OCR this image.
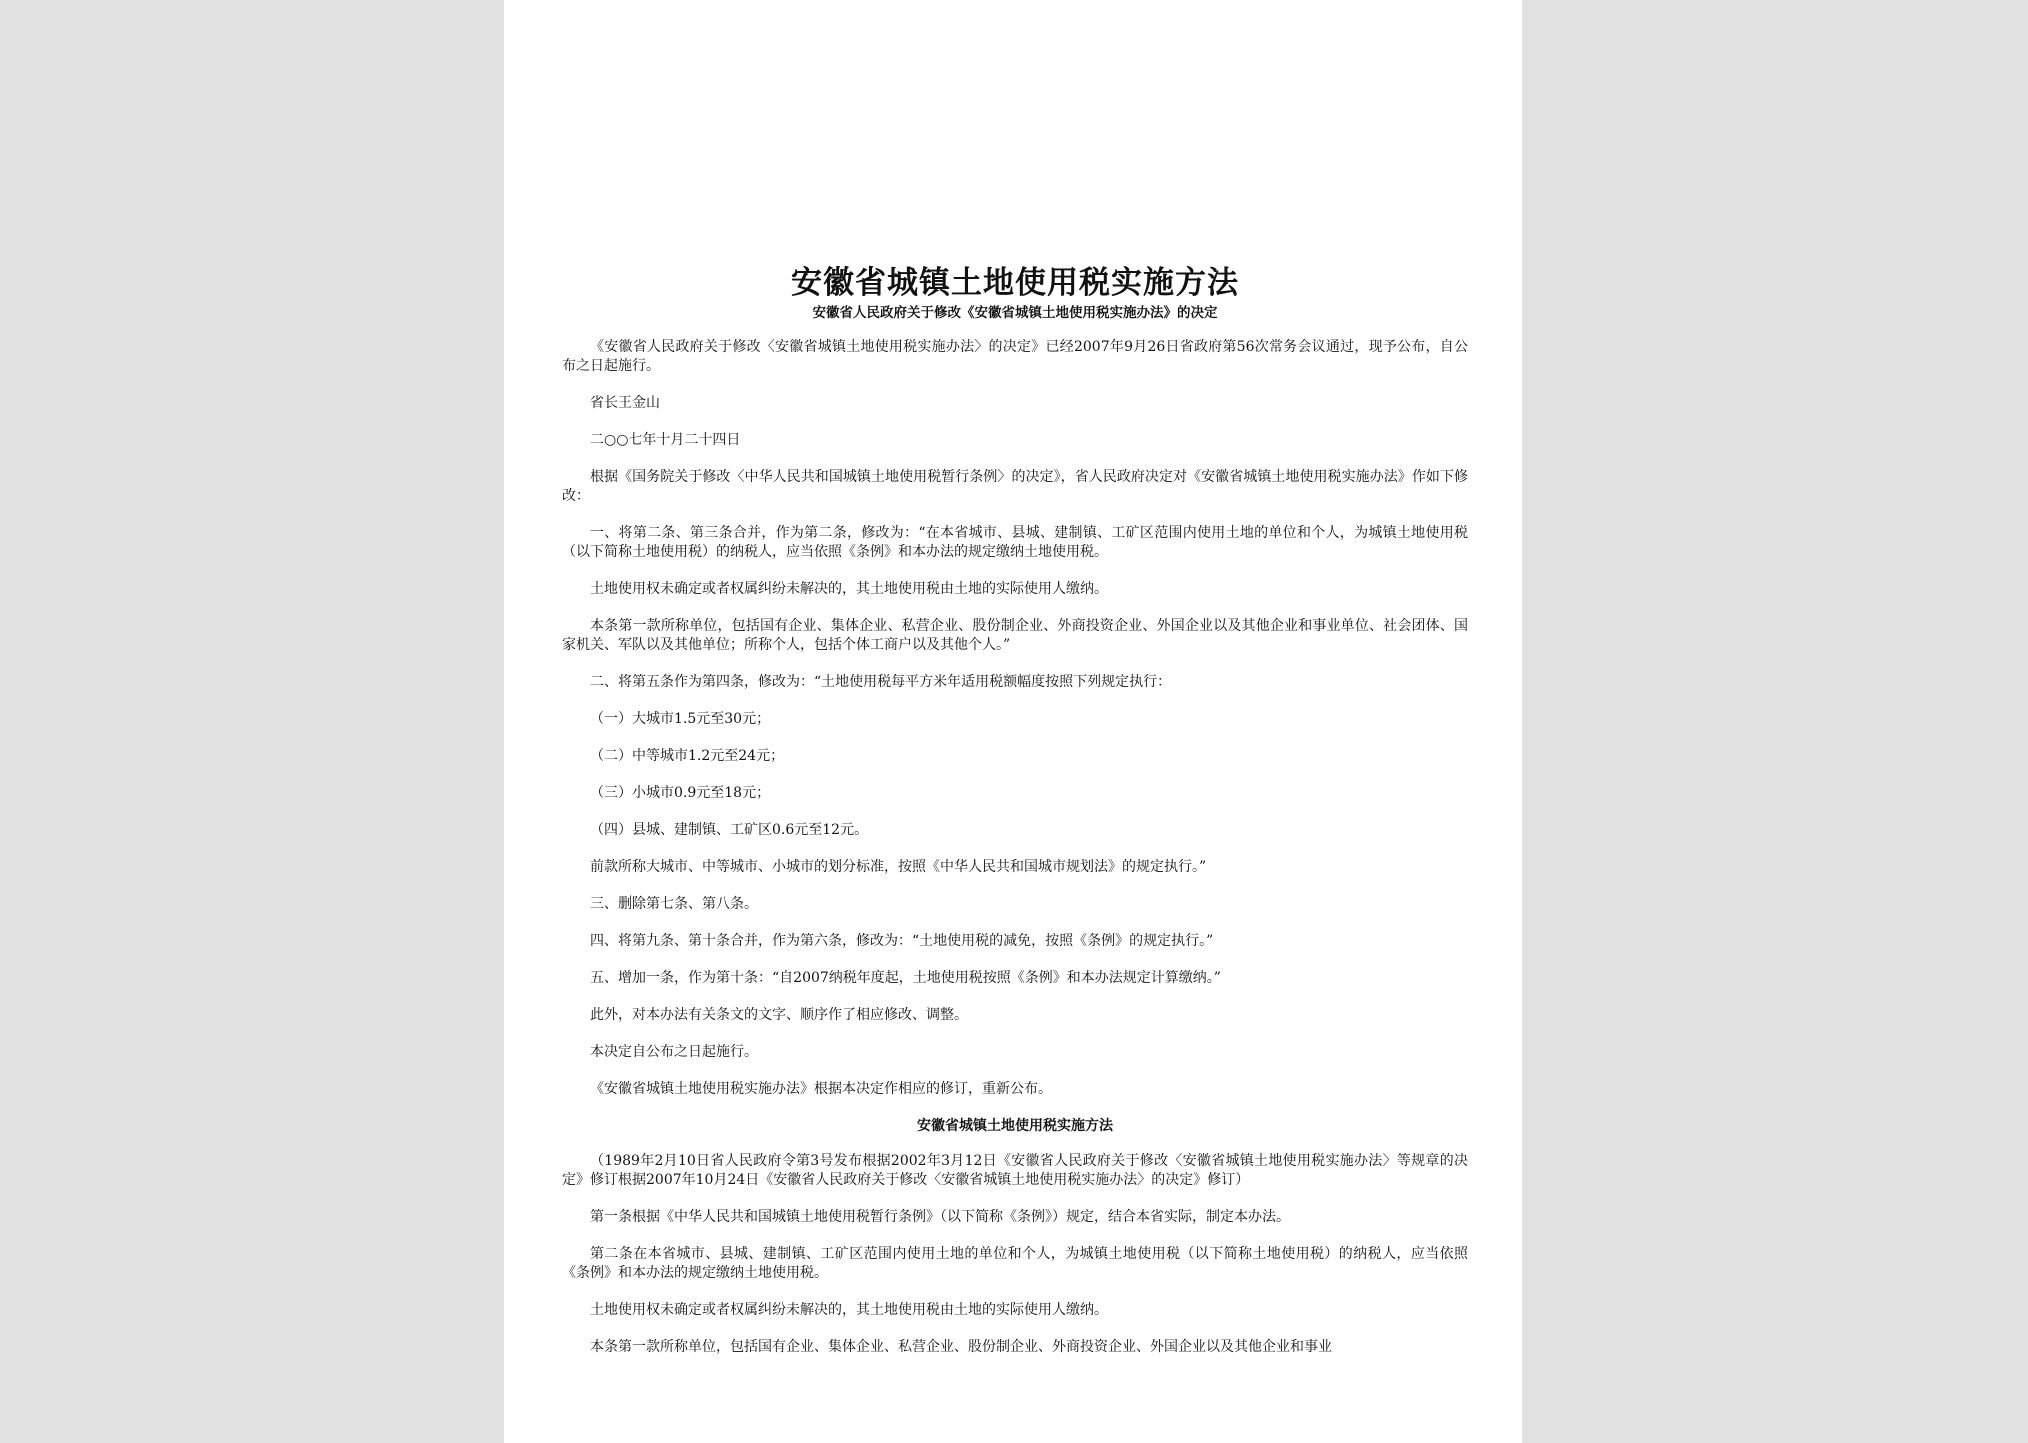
安徽省城镇土地使用税实施方法
安徽省人民政府关于修改《安徽省城镇土地使用税实施办法》的决定

《安徽省人民政府关于修改〈安徽省城镇土地使用税实施办法〉的决定》已经2007年9月26日省政府第56次常务会议通过，现予公布，自公布之日起施行。

省长王金山

二○○七年十月二十四日

根据《国务院关于修改〈中华人民共和国城镇土地使用税暂行条例〉的决定》，省人民政府决定对《安徽省城镇土地使用税实施办法》作如下修改：

一、将第二条、第三条合并，作为第二条，修改为：“在本省城市、县城、建制镇、工矿区范围内使用土地的单位和个人，为城镇土地使用税（以下简称土地使用税）的纳税人，应当依照《条例》和本办法的规定缴纳土地使用税。

土地使用权未确定或者权属纠纷未解决的，其土地使用税由土地的实际使用人缴纳。

本条第一款所称单位，包括国有企业、集体企业、私营企业、股份制企业、外商投资企业、外国企业以及其他企业和事业单位、社会团体、国家机关、军队以及其他单位；所称个人，包括个体工商户以及其他个人。”

二、将第五条作为第四条，修改为：“土地使用税每平方米年适用税额幅度按照下列规定执行：

（一）大城市1.5元至30元；

（二）中等城市1.2元至24元；

（三）小城市0.9元至18元；

（四）县城、建制镇、工矿区0.6元至12元。

前款所称大城市、中等城市、小城市的划分标准，按照《中华人民共和国城市规划法》的规定执行。”

三、删除第七条、第八条。

四、将第九条、第十条合并，作为第六条，修改为：“土地使用税的减免，按照《条例》的规定执行。”

五、增加一条，作为第十条：“自2007纳税年度起，土地使用税按照《条例》和本办法规定计算缴纳。”

此外，对本办法有关条文的文字、顺序作了相应修改、调整。

本决定自公布之日起施行。

《安徽省城镇土地使用税实施办法》根据本决定作相应的修订，重新公布。

安徽省城镇土地使用税实施方法

（1989年2月10日省人民政府令第3号发布根据2002年3月12日《安徽省人民政府关于修改〈安徽省城镇土地使用税实施办法〉等规章的决定》修订根据2007年10月24日《安徽省人民政府关于修改〈安徽省城镇土地使用税实施办法〉的决定》修订）

第一条根据《中华人民共和国城镇土地使用税暂行条例》（以下简称《条例》）规定，结合本省实际，制定本办法。

第二条在本省城市、县城、建制镇、工矿区范围内使用土地的单位和个人，为城镇土地使用税（以下简称土地使用税）的纳税人，应当依照《条例》和本办法的规定缴纳土地使用税。

土地使用权未确定或者权属纠纷未解决的，其土地使用税由土地的实际使用人缴纳。

本条第一款所称单位，包括国有企业、集体企业、私营企业、股份制企业、外商投资企业、外国企业以及其他企业和事业
